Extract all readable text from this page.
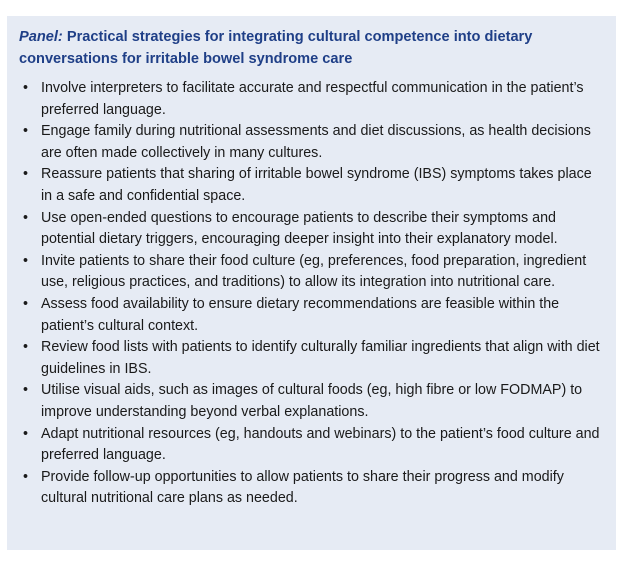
Panel: Practical strategies for integrating cultural competence into dietary conversations for irritable bowel syndrome care
• Involve interpreters to facilitate accurate and respectful communication in the patient’s preferred language.
• Engage family during nutritional assessments and diet discussions, as health decisions are often made collectively in many cultures.
• Reassure patients that sharing of irritable bowel syndrome (IBS) symptoms takes place in a safe and confidential space.
• Use open-ended questions to encourage patients to describe their symptoms and potential dietary triggers, encouraging deeper insight into their explanatory model.
• Invite patients to share their food culture (eg, preferences, food preparation, ingredient use, religious practices, and traditions) to allow its integration into nutritional care.
• Assess food availability to ensure dietary recommendations are feasible within the patient’s cultural context.
• Review food lists with patients to identify culturally familiar ingredients that align with diet guidelines in IBS.
• Utilise visual aids, such as images of cultural foods (eg, high fibre or low FODMAP) to improve understanding beyond verbal explanations.
• Adapt nutritional resources (eg, handouts and webinars) to the patient’s food culture and preferred language.
• Provide follow-up opportunities to allow patients to share their progress and modify cultural nutritional care plans as needed.
